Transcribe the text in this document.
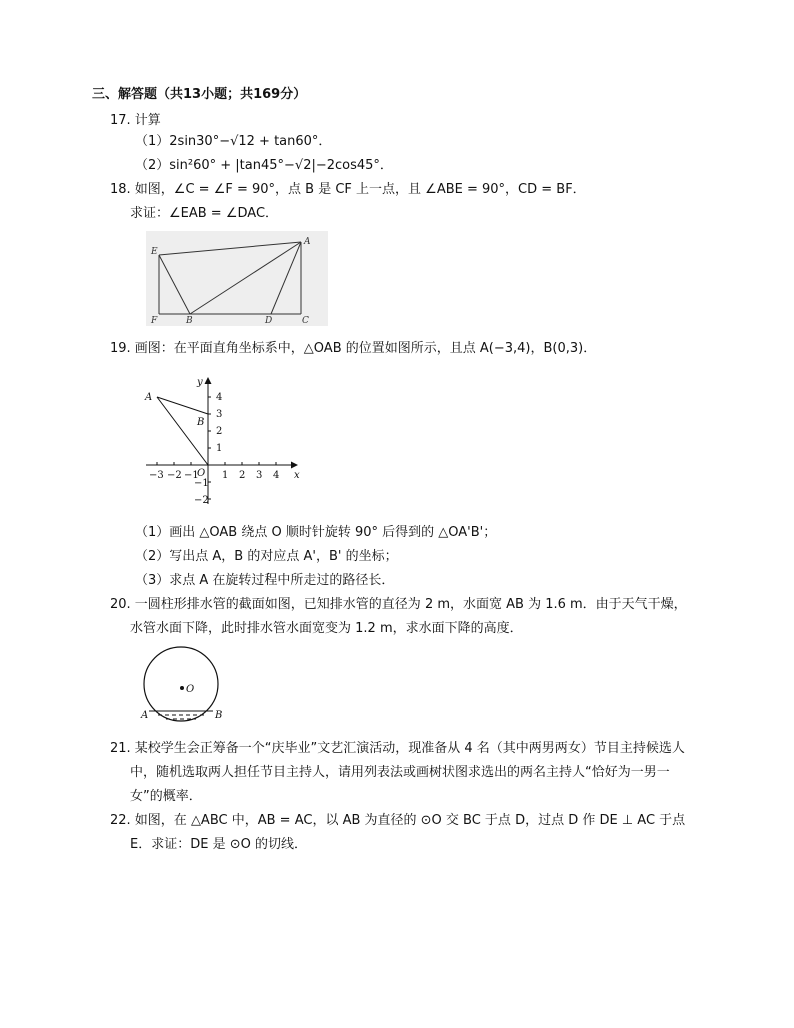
三、解答题（共13小题；共169分）
17. 计算
（1）2sin30°−√12 + tan60°．
（2）sin²60° + |tan45°−√2|−2cos45°．
18. 如图，∠C = ∠F = 90°，点 B 是 CF 上一点，且 ∠ABE = 90°，CD = BF．
求证：∠EAB = ∠DAC．
E
A
F	B	D	C
19. 画图：在平面直角坐标系中，△OAB 的位置如图所示，且点 A(−3,4)，B(0,3)．
A
B
O	x
y
−3 −2 −1 1 2 3 4
4
3
2
1
−1
−2
（1）画出 △OAB 绕点 O 顺时针旋转 90° 后得到的 △OA'B'；
（2）写出点 A，B 的对应点 A'，B' 的坐标；
（3）求点 A 在旋转过程中所走过的路径长．
20. 一圆柱形排水管的截面如图，已知排水管的直径为 2 m，水面宽 AB 为 1.6 m．由于天气干燥，
水管水面下降，此时排水管水面宽变为 1.2 m，求水面下降的高度．
O
A	B
21. 某校学生会正筹备一个“庆毕业”文艺汇演活动，现准备从 4 名（其中两男两女）节目主持候选人
中，随机选取两人担任节目主持人，请用列表法或画树状图求选出的两名主持人“恰好为一男一
女”的概率．
22. 如图，在 △ABC 中，AB = AC，以 AB 为直径的 ⊙O 交 BC 于点 D，过点 D 作 DE ⊥ AC 于点
E．求证：DE 是 ⊙O 的切线．
